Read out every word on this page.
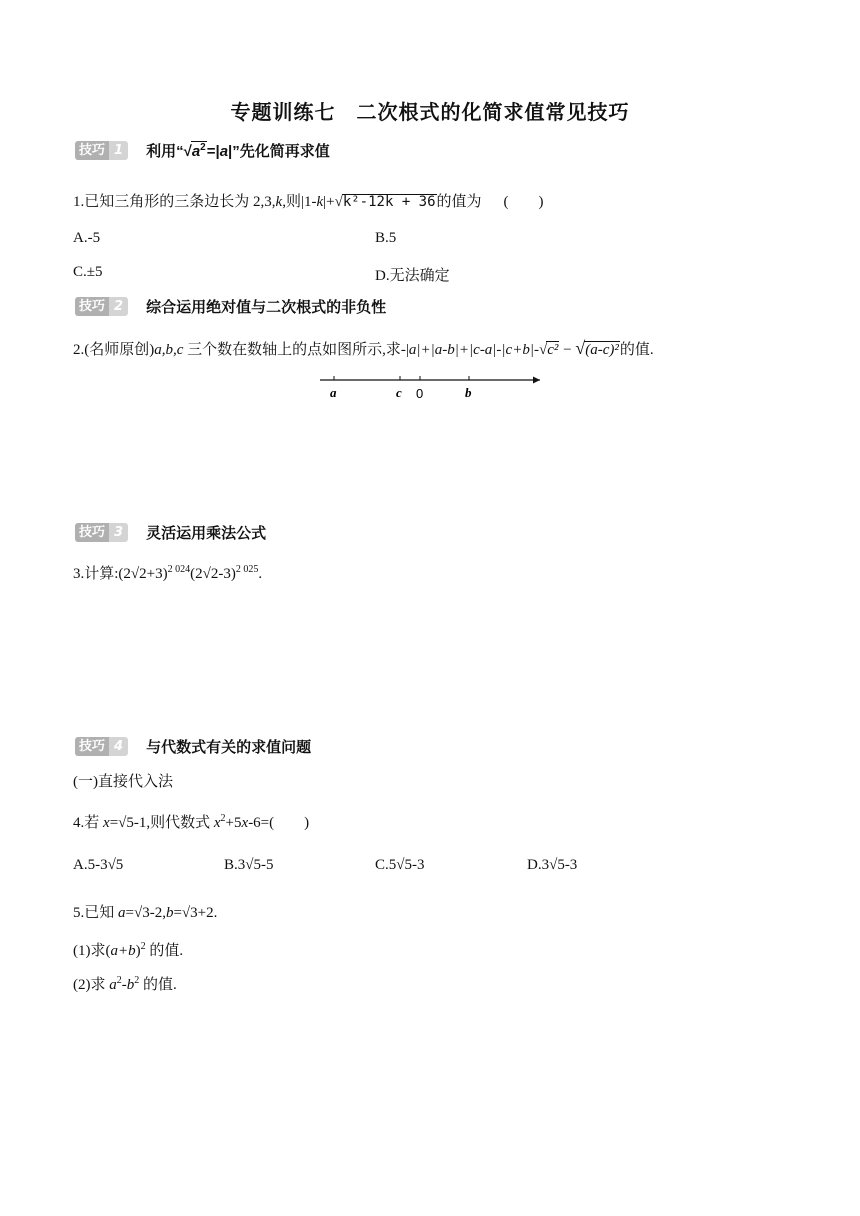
专题训练七　二次根式的化简求值常见技巧
技巧 1	利用“$√a^2=|a|$”先化简再求值
1.已知三角形的三条边长为 2,3,k,则|1-k|+√k²-12k + 36的值为 (　　)
A.-5	B.5
C.±5	D.无法确定
技巧 2	综合运用绝对值与二次根式的非负性
2.(名师原创)a,b,c 三个数在数轴上的点如图所示,求-|a|+|a-b|+|c-a|-|c+b|-√c² − √(a-c)²的值.
a	c 0	b
技巧 3	灵活运用乘法公式
3.计算$:(2√2+3)^{2 024}(2√2-3)^{2 025}$.
技巧 4	与代数式有关的求值问题
(一)直接代入法
4.若 x=√5-1,则代数式 $x^2+5x-6=$(　　)
A.5-3√5	B.3√5-5	C.5√5-3	D.3√5-3
5.已知 a=√3-2,b=√3+2.
(1)求$(a+b)^2$ 的值.
(2)求 $a^2-b^2$ 的值.
